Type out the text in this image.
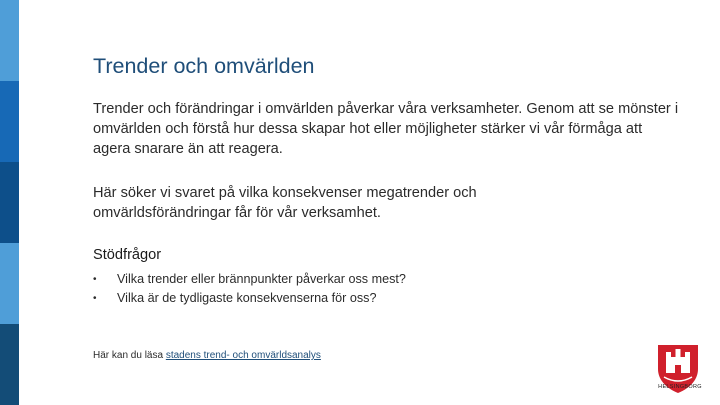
Trender och omvärlden

Trender och förändringar i omvärlden påverkar våra verksamheter. Genom att se mönster i omvärlden och förstå hur dessa skapar hot eller möjligheter stärker vi vår förmåga att agera snarare än att reagera.

Här söker vi svaret på vilka konsekvenser megatrender och omvärldsförändringar får för vår verksamhet.

Stödfrågor
• Vilka trender eller brännpunkter påverkar oss mest?
• Vilka är de tydligaste konsekvenserna för oss?
Här kan du läsa stadens trend- och omvärldsanalys
HELSINGBORG
